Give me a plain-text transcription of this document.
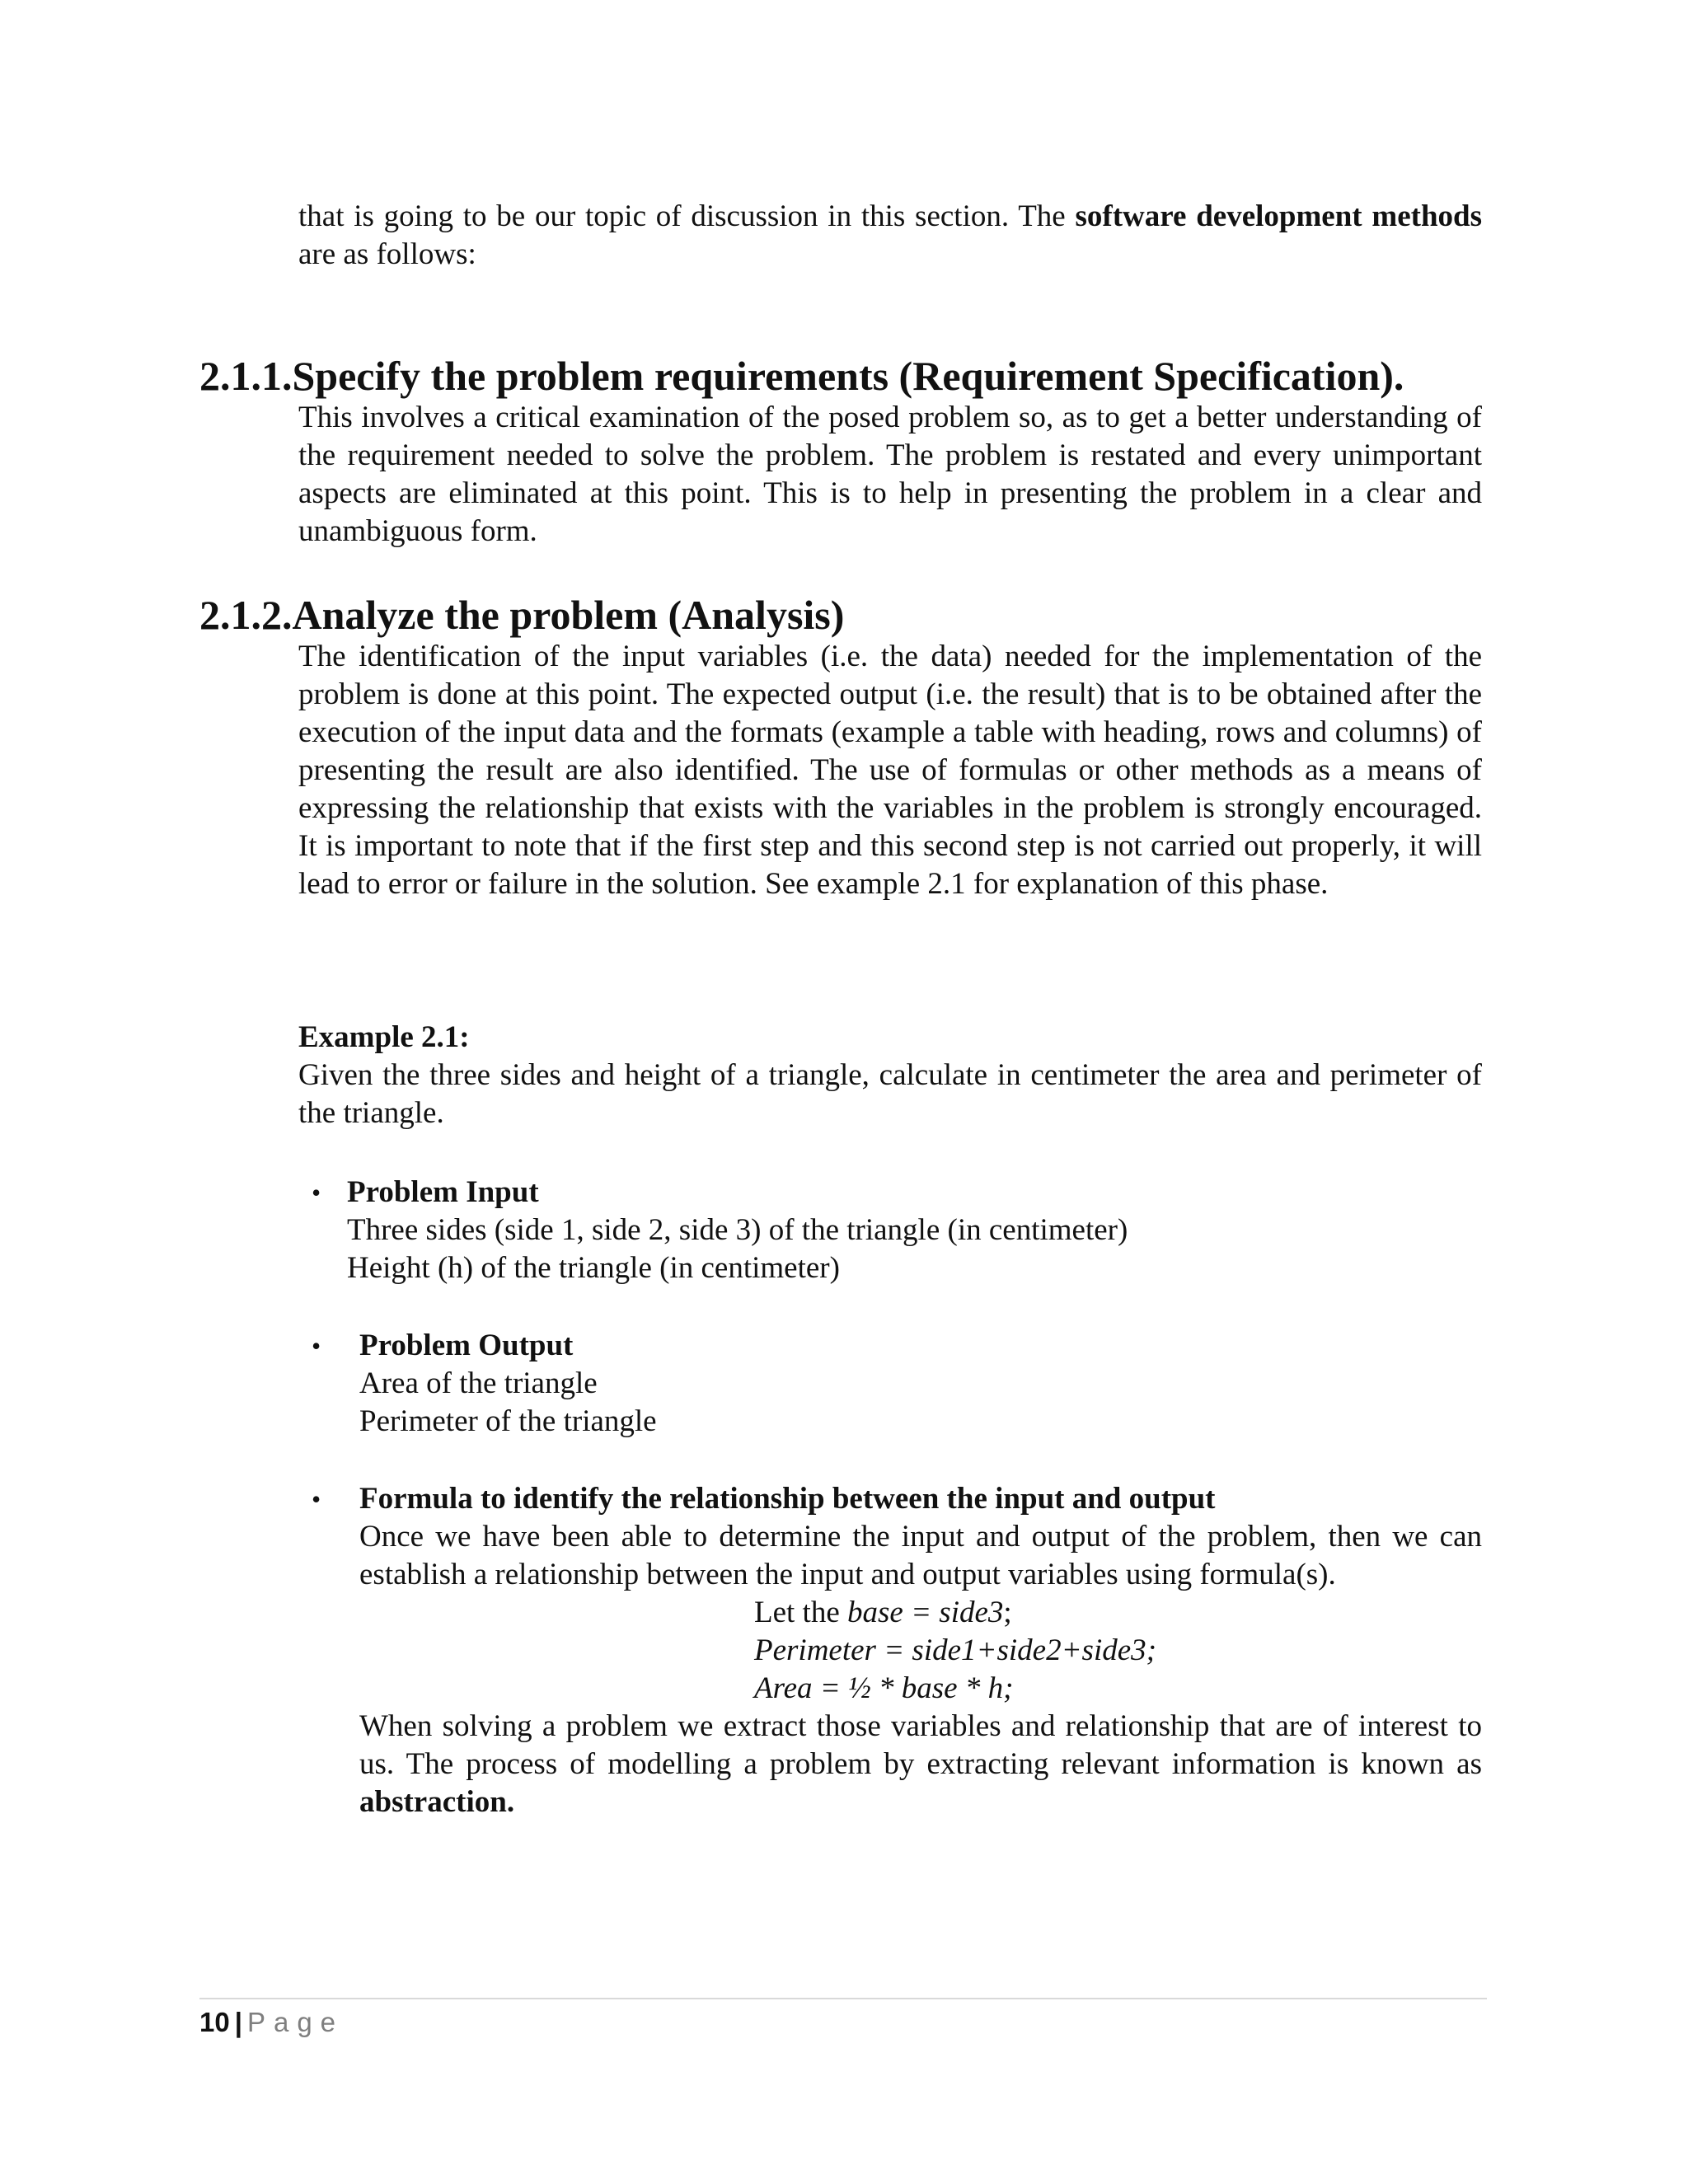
that is going to be our topic of discussion in this section. The software development methods are as follows:
2.1.1.Specify the problem requirements (Requirement Specification).
This involves a critical examination of the posed problem so, as to get a better understanding of the requirement needed to solve the problem. The problem is restated and every unimportant aspects are eliminated at this point. This is to help in presenting the problem in a clear and unambiguous form.
2.1.2.Analyze the problem (Analysis)
The identification of the input variables (i.e. the data) needed for the implementation of the problem is done at this point. The expected output (i.e. the result) that is to be obtained after the execution of the input data and the formats (example a table with heading, rows and columns) of presenting the result are also identified. The use of formulas or other methods as a means of expressing the relationship that exists with the variables in the problem is strongly encouraged. It is important to note that if the first step and this second step is not carried out properly, it will lead to error or failure in the solution. See example 2.1 for explanation of this phase.
Example 2.1:
Given the three sides and height of a triangle, calculate in centimeter the area and perimeter of the triangle.
• Problem Input
Three sides (side 1, side 2, side 3) of the triangle (in centimeter)
Height (h) of the triangle (in centimeter)
• Problem Output
Area of the triangle
Perimeter of the triangle
• Formula to identify the relationship between the input and output
Once we have been able to determine the input and output of the problem, then we can establish a relationship between the input and output variables using formula(s).
Let the base = side3;
Perimeter = side1+side2+side3;
Area = ½ * base * h;
When solving a problem we extract those variables and relationship that are of interest to us. The process of modelling a problem by extracting relevant information is known as abstraction.
10 | Page
